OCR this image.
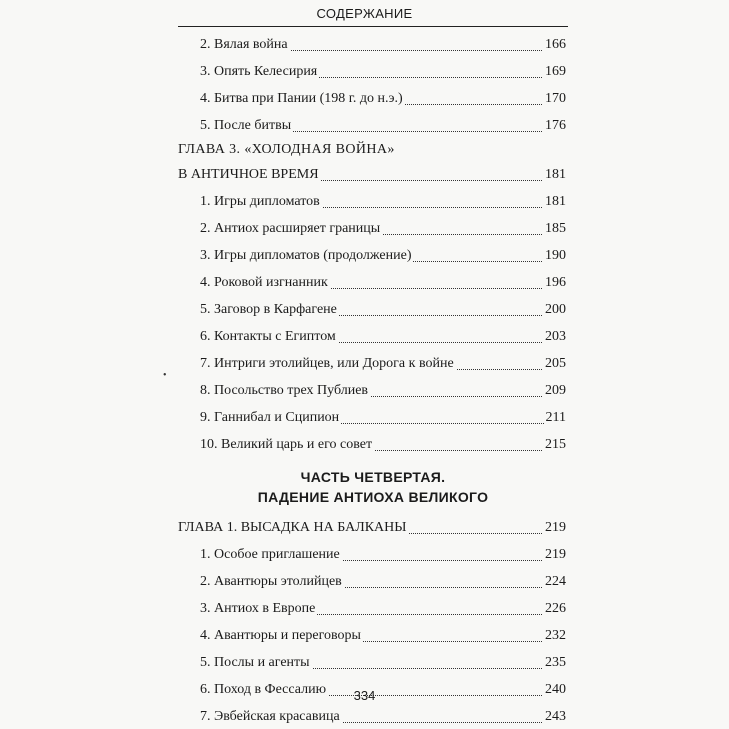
СОДЕРЖАНИЕ
•
2. Вялая война	166
3. Опять Келесирия	169
4. Битва при Пании (198 г. до н.э.)	170
5. После битвы	176
ГЛАВА 3. «ХОЛОДНАЯ ВОЙНА»
В АНТИЧНОЕ ВРЕМЯ	181
1. Игры дипломатов	181
2. Антиох расширяет границы	185
3. Игры дипломатов (продолжение)	190
4. Роковой изгнанник	196
5. Заговор в Карфагене	200
6. Контакты с Египтом	203
7. Интриги этолийцев, или Дорога к войне	205
8. Посольство трех Публиев	209
9. Ганнибал и Сципион	211
10. Великий царь и его совет	215
ЧАСТЬ ЧЕТВЕРТАЯ.
ПАДЕНИЕ АНТИОХА ВЕЛИКОГО
ГЛАВА 1. ВЫСАДКА НА БАЛКАНЫ	219
1. Особое приглашение	219
2. Авантюры этолийцев	224
3. Антиох в Европе	226
4. Авантюры и переговоры	232
5. Послы и агенты	235
6. Поход в Фессалию	240
7. Эвбейская красавица	243
334
